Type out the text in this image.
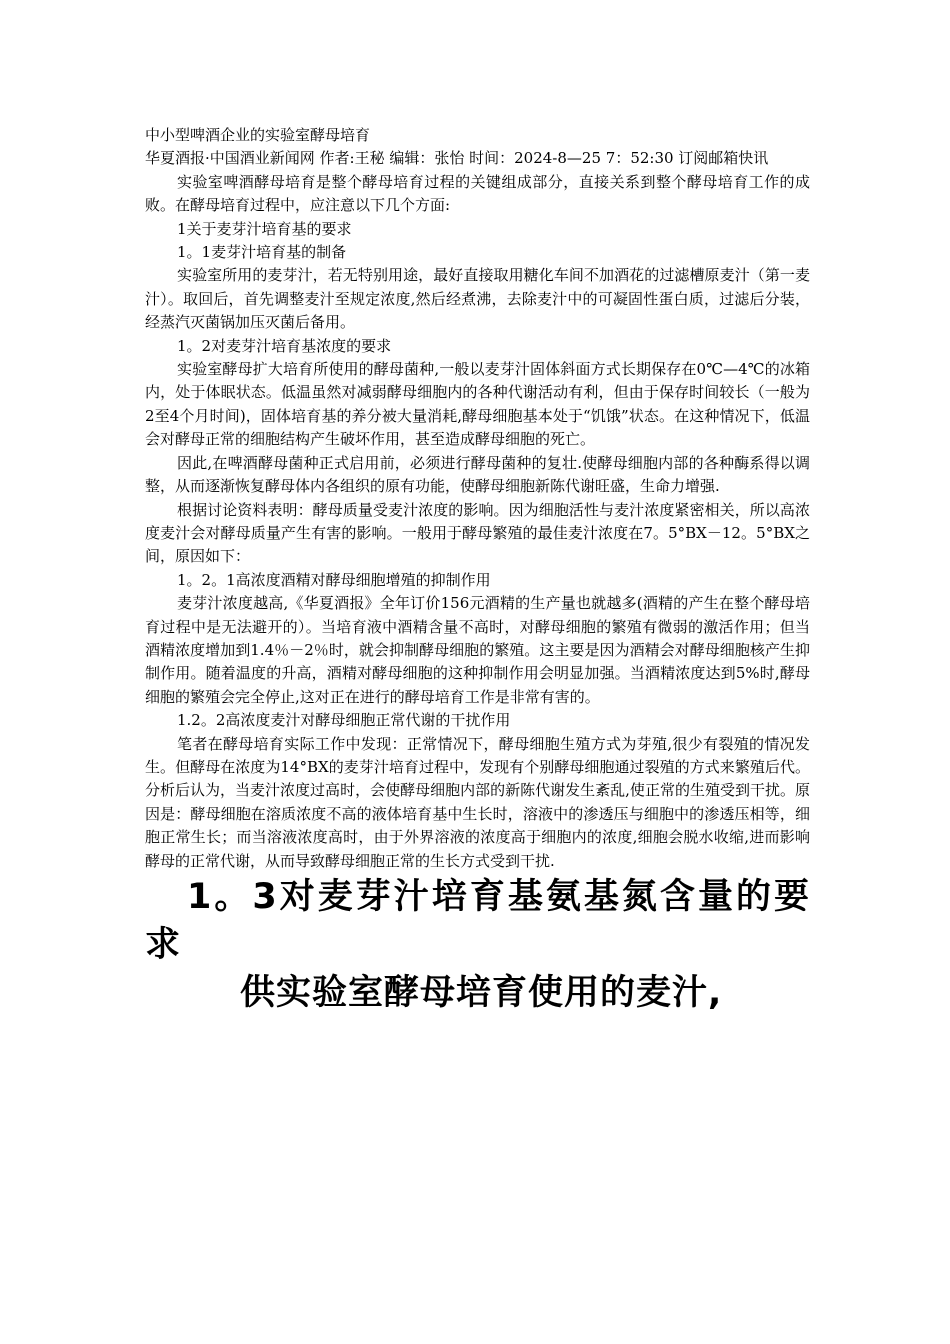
中小型啤酒企业的实验室酵母培育

华夏酒报·中国酒业新闻网 作者:王秘 编辑：张怡 时间：2024-8—25 7：52:30 订阅邮箱快讯

实验室啤酒酵母培育是整个酵母培育过程的关键组成部分，直接关系到整个酵母培育工作的成败。在酵母培育过程中，应注意以下几个方面:

1关于麦芽汁培育基的要求

1。1麦芽汁培育基的制备

实验室所用的麦芽汁，若无特别用途，最好直接取用糖化车间不加酒花的过滤槽原麦汁（第一麦汁）。取回后，首先调整麦汁至规定浓度,然后经煮沸，去除麦汁中的可凝固性蛋白质，过滤后分装，经蒸汽灭菌锅加压灭菌后备用。

1。2对麦芽汁培育基浓度的要求

实验室酵母扩大培育所使用的酵母菌种,一般以麦芽汁固体斜面方式长期保存在0℃—4℃的冰箱内，处于体眠状态。低温虽然对减弱酵母细胞内的各种代谢活动有利，但由于保存时间较长（一般为2至4个月时间)，固体培育基的养分被大量消耗,酵母细胞基本处于“饥饿”状态。在这种情况下，低温会对酵母正常的细胞结构产生破坏作用，甚至造成酵母细胞的死亡。

因此,在啤酒酵母菌种正式启用前，必须进行酵母菌种的复壮.使酵母细胞内部的各种酶系得以调整，从而逐渐恢复酵母体内各组织的原有功能，使酵母细胞新陈代谢旺盛，生命力增强.

根据讨论资料表明：酵母质量受麦汁浓度的影响。因为细胞活性与麦汁浓度紧密相关，所以高浓度麦汁会对酵母质量产生有害的影响。一般用于酵母繁殖的最佳麦汁浓度在7。5°BX－12。5°BX之间，原因如下：

1。2。1高浓度酒精对酵母细胞增殖的抑制作用

麦芽汁浓度越高,《华夏酒报》全年订价156元酒精的生产量也就越多(酒精的产生在整个酵母培育过程中是无法避开的）。当培育液中酒精含量不高时，对酵母细胞的繁殖有微弱的激活作用；但当酒精浓度增加到1.4％－2％时，就会抑制酵母细胞的繁殖。这主要是因为酒精会对酵母细胞核产生抑制作用。随着温度的升高，酒精对酵母细胞的这种抑制作用会明显加强。当酒精浓度达到5%时,酵母细胞的繁殖会完全停止,这对正在进行的酵母培育工作是非常有害的。

1.2。2高浓度麦汁对酵母细胞正常代谢的干扰作用

笔者在酵母培育实际工作中发现：正常情况下，酵母细胞生殖方式为芽殖,很少有裂殖的情况发生。但酵母在浓度为14°BX的麦芽汁培育过程中，发现有个别酵母细胞通过裂殖的方式来繁殖后代。分析后认为，当麦汁浓度过高时，会使酵母细胞内部的新陈代谢发生紊乱,使正常的生殖受到干扰。原因是：酵母细胞在溶质浓度不高的液体培育基中生长时，溶液中的渗透压与细胞中的渗透压相等，细胞正常生长；而当溶液浓度高时，由于外界溶液的浓度高于细胞内的浓度,细胞会脱水收缩,进而影响酵母的正常代谢，从而导致酵母细胞正常的生长方式受到干扰.

1。3对麦芽汁培育基氨基氮含量的要求

供实验室酵母培育使用的麦汁,
